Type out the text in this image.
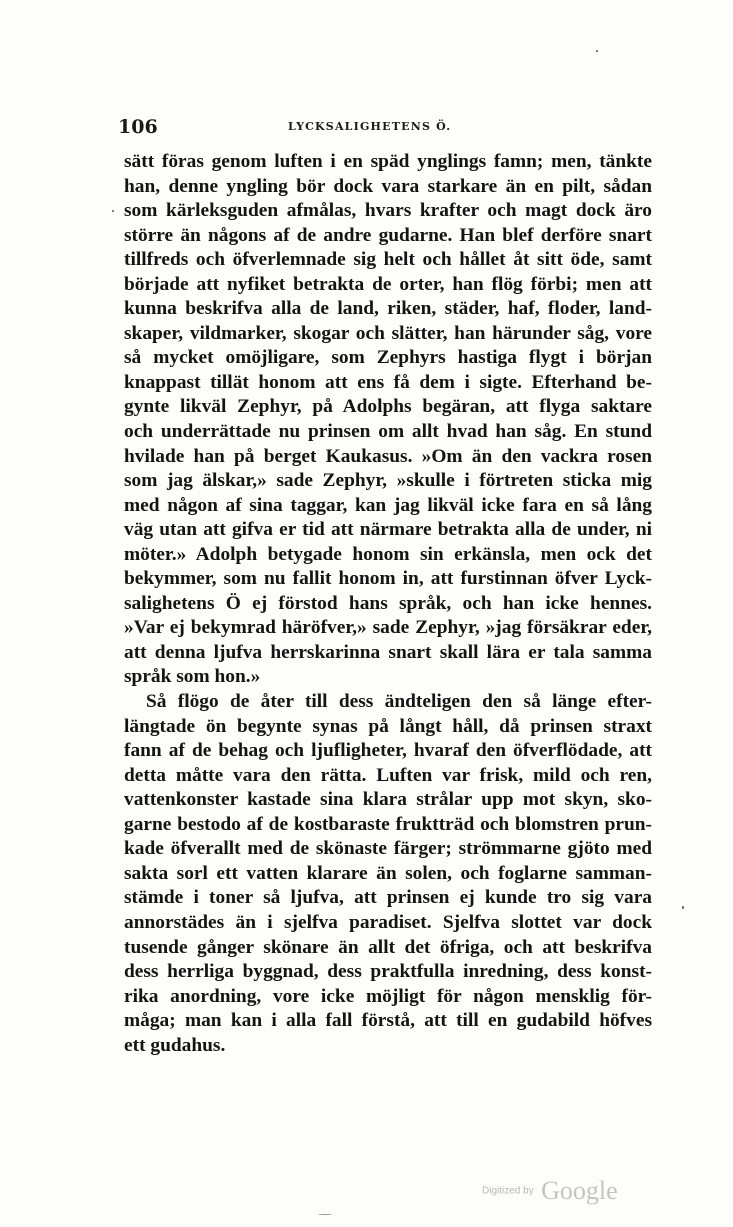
106	LYCKSALIGHETENS Ö.
sätt föras genom luften i en späd ynglings famn; men, tänkte
han, denne yngling bör dock vara starkare än en pilt, sådan
som kärleksguden afmålas, hvars krafter och magt dock äro
större än någons af de andre gudarne. Han blef derföre snart
tillfreds och öfverlemnade sig helt och hållet åt sitt öde, samt
började att nyfiket betrakta de orter, han flög förbi; men att
kunna beskrifva alla de land, riken, städer, haf, floder, land-
skaper, vildmarker, skogar och slätter, han härunder såg, vore
så mycket omöjligare, som Zephyrs hastiga flygt i början
knappast tillät honom att ens få dem i sigte. Efterhand be-
gynte likväl Zephyr, på Adolphs begäran, att flyga saktare
och underrättade nu prinsen om allt hvad han såg. En stund
hvilade han på berget Kaukasus. »Om än den vackra rosen
som jag älskar,» sade Zephyr, »skulle i förtreten sticka mig
med någon af sina taggar, kan jag likväl icke fara en så lång
väg utan att gifva er tid att närmare betrakta alla de under, ni
möter.» Adolph betygade honom sin erkänsla, men ock det
bekymmer, som nu fallit honom in, att furstinnan öfver Lyck-
salighetens Ö ej förstod hans språk, och han icke hennes.
»Var ej bekymrad häröfver,» sade Zephyr, »jag försäkrar eder,
att denna ljufva herrskarinna snart skall lära er tala samma
språk som hon.»
Så flögo de åter till dess ändteligen den så länge efter-
längtade ön begynte synas på långt håll, då prinsen straxt
fann af de behag och ljufligheter, hvaraf den öfverflödade, att
detta måtte vara den rätta. Luften var frisk, mild och ren,
vattenkonster kastade sina klara strålar upp mot skyn, sko-
garne bestodo af de kostbaraste fruktträd och blomstren prun-
kade öfverallt med de skönaste färger; strömmarne gjöto med
sakta sorl ett vatten klarare än solen, och foglarne samman-
stämde i toner så ljufva, att prinsen ej kunde tro sig vara
annorstädes än i sjelfva paradiset. Sjelfva slottet var dock
tusende gånger skönare än allt det öfriga, och att beskrifva
dess herrliga byggnad, dess praktfulla inredning, dess konst-
rika anordning, vore icke möjligt för någon mensklig för-
måga; man kan i alla fall förstå, att till en gudabild höfves
ett gudahus.
Digitized by Google
